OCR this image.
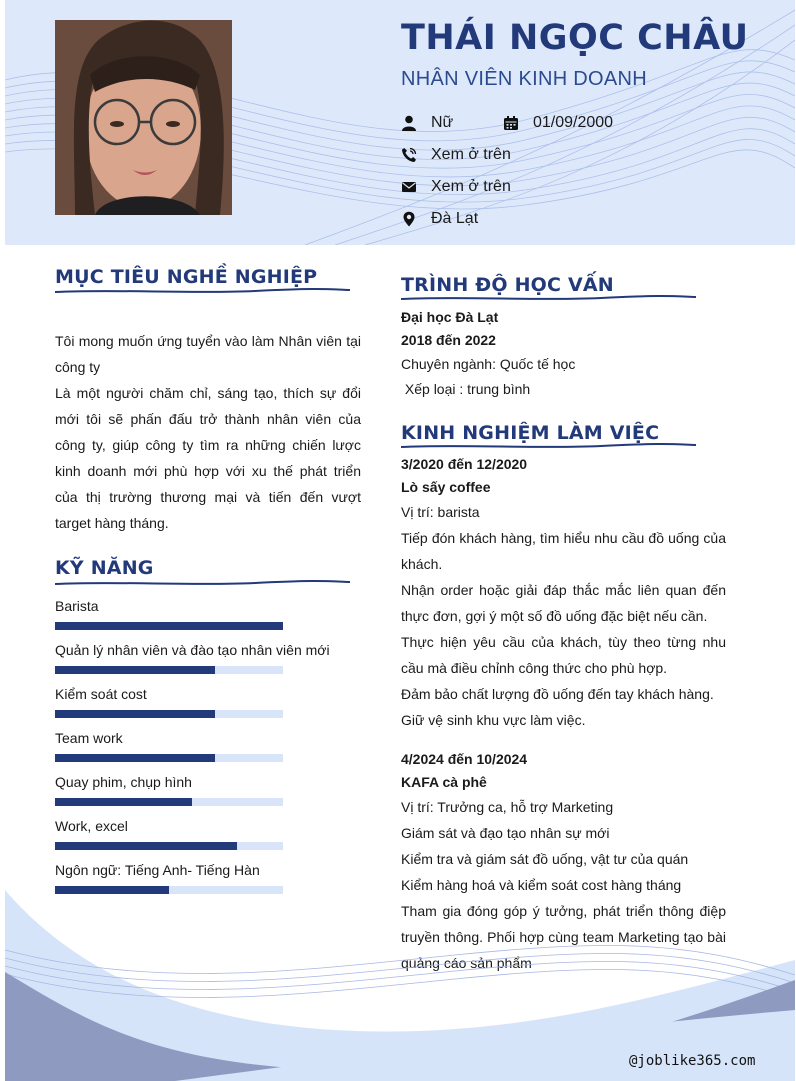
THÁI NGỌC CHÂU
NHÂN VIÊN KINH DOANH
Nữ	01/09/2000
Xem ở trên
Xem ở trên
Đà Lạt
MỤC TIÊU NGHỀ NGHIỆP
Tôi mong muốn ứng tuyển vào làm Nhân viên tại công ty
Là một người chăm chỉ, sáng tạo, thích sự đổi mới tôi sẽ phấn đấu trở thành nhân viên của công ty, giúp công ty tìm ra những chiến lược kinh doanh mới phù hợp với xu thế phát triển của thị trường thương mại và tiến đến vượt target hàng tháng.
KỸ NĂNG
Barista
Quản lý nhân viên và đào tạo nhân viên mới
Kiểm soát cost
Team work
Quay phim, chụp hình
Work, excel
Ngôn ngữ: Tiếng Anh- Tiếng Hàn
TRÌNH ĐỘ HỌC VẤN
Đại học Đà Lạt
2018 đến 2022
Chuyên ngành: Quốc tế học
Xếp loại : trung bình
KINH NGHIỆM LÀM VIỆC
3/2020 đến 12/2020
Lò sấy coffee
Vị trí: barista
Tiếp đón khách hàng, tìm hiểu nhu cầu đồ uống của khách.
Nhận order hoặc giải đáp thắc mắc liên quan đến thực đơn, gợi ý một số đồ uống đặc biệt nếu cần.
Thực hiện yêu cầu của khách, tùy theo từng nhu cầu mà điều chỉnh công thức cho phù hợp.
Đảm bảo chất lượng đồ uống đến tay khách hàng.
Giữ vệ sinh khu vực làm việc.
4/2024 đến 10/2024
KAFA cà phê
Vị trí: Trưởng ca, hỗ trợ Marketing
Giám sát và đạo tạo nhân sự mới
Kiểm tra và giám sát đồ uống, vật tư của quán
Kiểm hàng hoá và kiểm soát cost hàng tháng
Tham gia đóng góp ý tưởng, phát triển thông điệp truyền thông. Phối hợp cùng team Marketing tạo bài quảng cáo sản phẩm
@joblike365.com
